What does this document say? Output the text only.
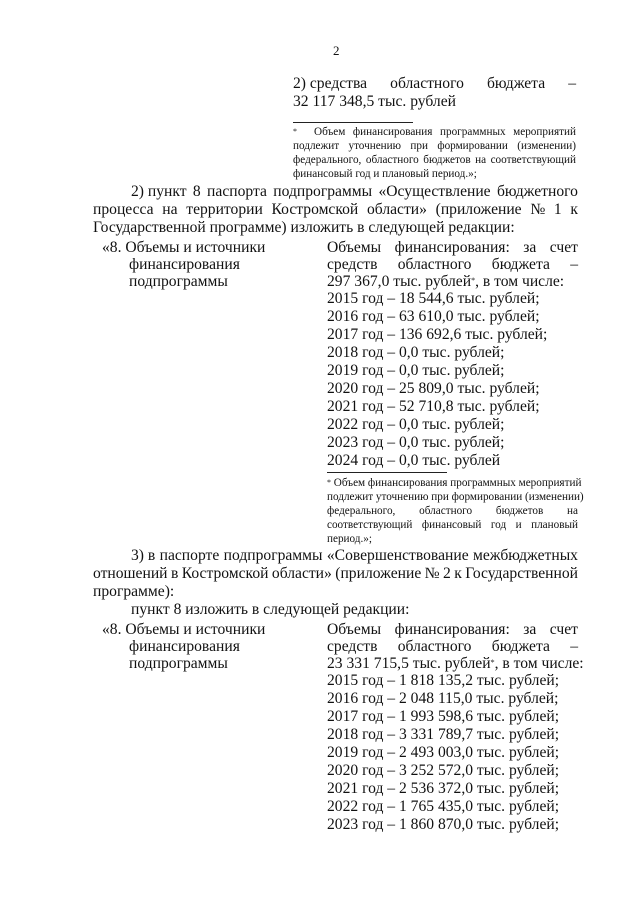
2
2) средства областного бюджета –
32 117 348,5 тыс. рублей
* Объем финансирования программных мероприятий
подлежит уточнению при формировании (изменении)
федерального, областного бюджетов на соответствующий
финансовый год и плановый период.»;
2) пункт 8 паспорта подпрограммы «Осуществление бюджетного
процесса на территории Костромской области» (приложение № 1 к
Государственной программе) изложить в следующей редакции:
«8. Объемы и источники
финансирования
подпрограммы
Объемы финансирования: за счет
средств областного бюджета –
297 367,0 тыс. рублей*, в том числе:
2015 год – 18 544,6 тыс. рублей;
2016 год – 63 610,0 тыс. рублей;
2017 год – 136 692,6 тыс. рублей;
2018 год – 0,0 тыс. рублей;
2019 год – 0,0 тыс. рублей;
2020 год – 25 809,0 тыс. рублей;
2021 год – 52 710,8 тыс. рублей;
2022 год – 0,0 тыс. рублей;
2023 год – 0,0 тыс. рублей;
2024 год – 0,0 тыс. рублей
* Объем финансирования программных мероприятий
подлежит уточнению при формировании (изменении)
федерального, областного бюджетов на
соответствующий финансовый год и плановый
период.»;
3) в паспорте подпрограммы «Совершенствование межбюджетных
отношений в Костромской области» (приложение № 2 к Государственной
программе):
пункт 8 изложить в следующей редакции:
«8. Объемы и источники
финансирования
подпрограммы
Объемы финансирования: за счет
средств областного бюджета –
23 331 715,5 тыс. рублей*, в том числе:
2015 год – 1 818 135,2 тыс. рублей;
2016 год – 2 048 115,0 тыс. рублей;
2017 год – 1 993 598,6 тыс. рублей;
2018 год – 3 331 789,7 тыс. рублей;
2019 год – 2 493 003,0 тыс. рублей;
2020 год – 3 252 572,0 тыс. рублей;
2021 год – 2 536 372,0 тыс. рублей;
2022 год – 1 765 435,0 тыс. рублей;
2023 год – 1 860 870,0 тыс. рублей;
